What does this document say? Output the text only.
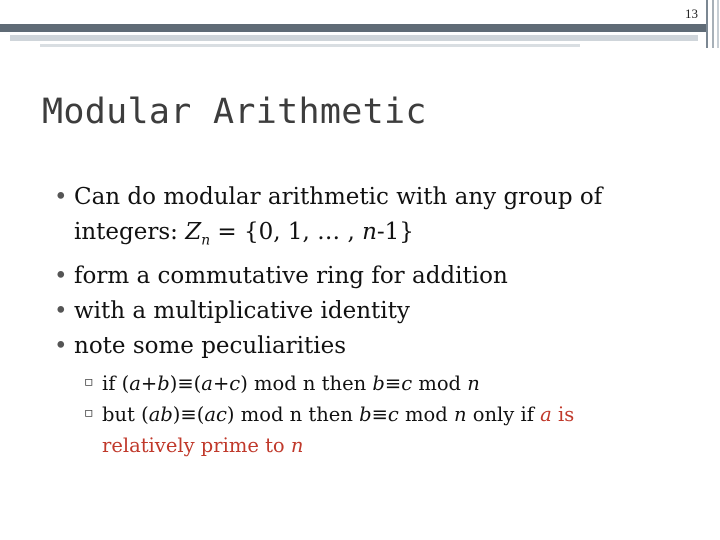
13
Modular Arithmetic
• Can do modular arithmetic with any group of
integers: $Z_n = \{0$, 1, … , n-1}
• form a commutative ring for addition
• with a multiplicative identity
• note some peculiarities
▫ if (a+b)≡(a+c) mod n then b≡c mod n
▫ but (ab)≡(ac) mod n then b≡c mod n only if a is
relatively prime to n
